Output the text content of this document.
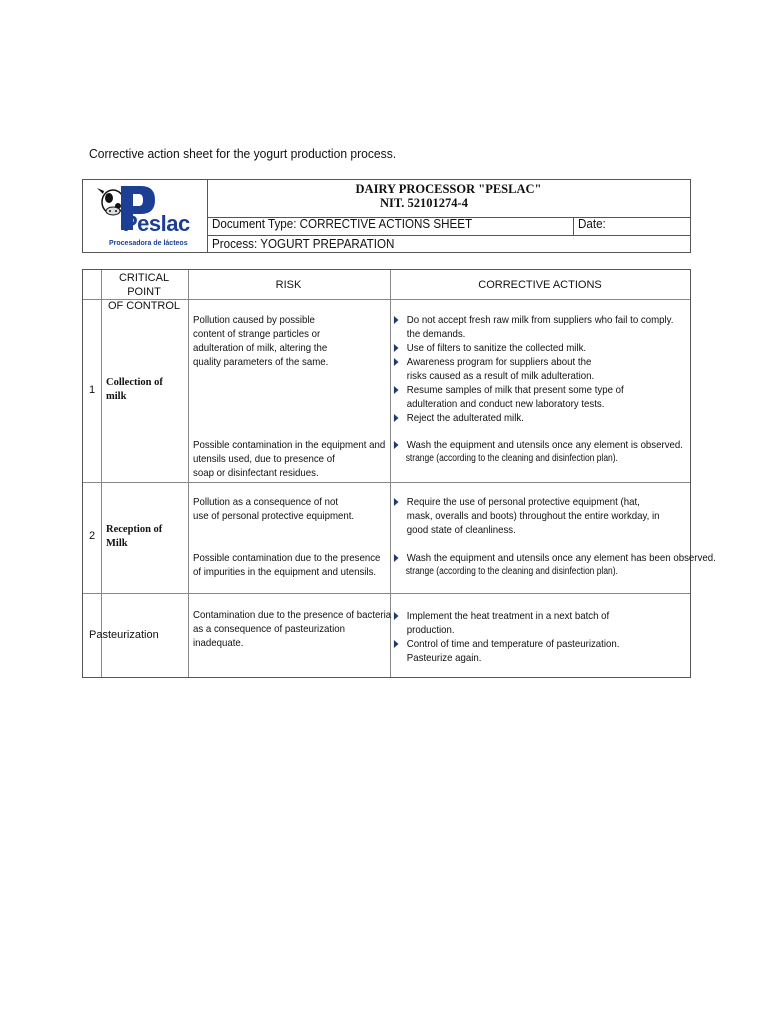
Corrective action sheet for the yogurt production process.
Peslac
Procesadora de lácteos
DAIRY PROCESSOR "PESLAC"
NIT. 52101274-4
Document Type: CORRECTIVE ACTIONS SHEET	Date:
Process: YOGURT PREPARATION
CRITICAL POINT
OF CONTROL
RISK	CORRECTIVE ACTIONS
1
Collection of
milk
Pollution caused by possible
content of strange particles or
adulteration of milk, altering the
quality parameters of the same.
Do not accept fresh raw milk from suppliers who fail to comply.
the demands.
Use of filters to sanitize the collected milk.
Awareness program for suppliers about the
risks caused as a result of milk adulteration.
Resume samples of milk that present some type of
adulteration and conduct new laboratory tests.
Reject the adulterated milk.
Possible contamination in the equipment and
utensils used, due to presence of
soap or disinfectant residues.
Wash the equipment and utensils once any element is observed.
strange (according to the cleaning and disinfection plan).
2
Reception of
Milk
Pollution as a consequence of not
use of personal protective equipment.
Require the use of personal protective equipment (hat,
mask, overalls and boots) throughout the entire workday, in
good state of cleanliness.
Possible contamination due to the presence
of impurities in the equipment and utensils.
Wash the equipment and utensils once any element has been observed.
strange (according to the cleaning and disinfection plan).
Pasteurization
Contamination due to the presence of bacteria
as a consequence of pasteurization
inadequate.
Implement the heat treatment in a next batch of
production.
Control of time and temperature of pasteurization.
Pasteurize again.
